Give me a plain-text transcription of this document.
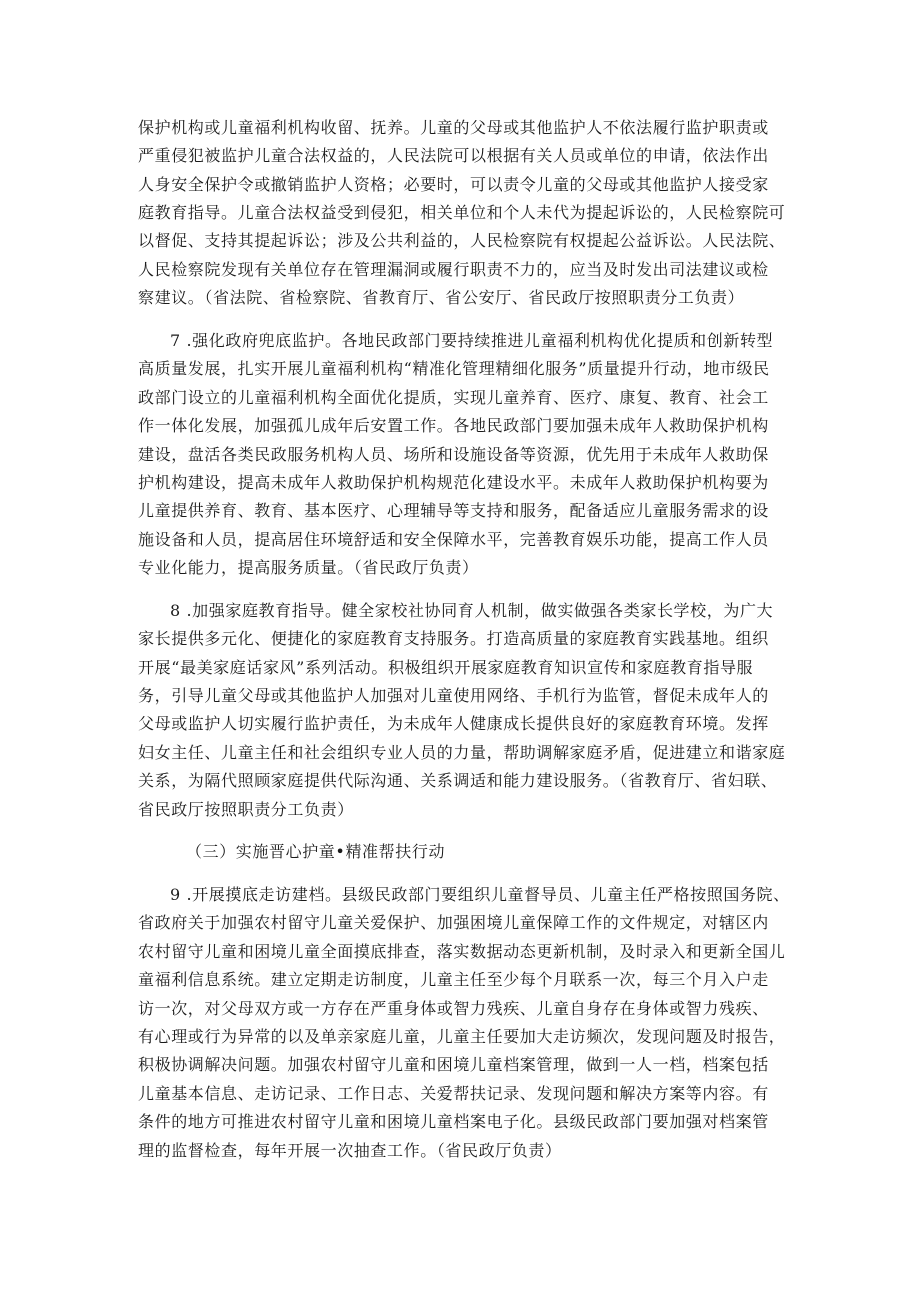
保护机构或儿童福利机构收留、抚养。儿童的父母或其他监护人不依法履行监护职责或
严重侵犯被监护儿童合法权益的，人民法院可以根据有关人员或单位的申请，依法作出
人身安全保护令或撤销监护人资格；必要时，可以责令儿童的父母或其他监护人接受家
庭教育指导。儿童合法权益受到侵犯，相关单位和个人未代为提起诉讼的，人民检察院可
以督促、支持其提起诉讼；涉及公共利益的，人民检察院有权提起公益诉讼。人民法院、
人民检察院发现有关单位存在管理漏洞或履行职责不力的，应当及时发出司法建议或检
察建议。（省法院、省检察院、省教育厅、省公安厅、省民政厅按照职责分工负责）
7 .强化政府兜底监护。各地民政部门要持续推进儿童福利机构优化提质和创新转型
高质量发展，扎实开展儿童福利机构“精准化管理精细化服务”质量提升行动，地市级民
政部门设立的儿童福利机构全面优化提质，实现儿童养育、医疗、康复、教育、社会工
作一体化发展，加强孤儿成年后安置工作。各地民政部门要加强未成年人救助保护机构
建设，盘活各类民政服务机构人员、场所和设施设备等资源，优先用于未成年人救助保
护机构建设，提高未成年人救助保护机构规范化建设水平。未成年人救助保护机构要为
儿童提供养育、教育、基本医疗、心理辅导等支持和服务，配备适应儿童服务需求的设
施设备和人员，提高居住环境舒适和安全保障水平，完善教育娱乐功能，提高工作人员
专业化能力，提高服务质量。（省民政厅负责）
8 .加强家庭教育指导。健全家校社协同育人机制，做实做强各类家长学校，为广大
家长提供多元化、便捷化的家庭教育支持服务。打造高质量的家庭教育实践基地。组织
开展“最美家庭话家风”系列活动。积极组织开展家庭教育知识宣传和家庭教育指导服
务，引导儿童父母或其他监护人加强对儿童使用网络、手机行为监管，督促未成年人的
父母或监护人切实履行监护责任，为未成年人健康成长提供良好的家庭教育环境。发挥
妇女主任、儿童主任和社会组织专业人员的力量，帮助调解家庭矛盾，促进建立和谐家庭
关系，为隔代照顾家庭提供代际沟通、关系调适和能力建设服务。（省教育厅、省妇联、
省民政厅按照职责分工负责）
（三）实施晋心护童•精准帮扶行动
9 .开展摸底走访建档。县级民政部门要组织儿童督导员、儿童主任严格按照国务院、
省政府关于加强农村留守儿童关爱保护、加强困境儿童保障工作的文件规定，对辖区内
农村留守儿童和困境儿童全面摸底排查，落实数据动态更新机制，及时录入和更新全国儿
童福利信息系统。建立定期走访制度，儿童主任至少每个月联系一次，每三个月入户走
访一次，对父母双方或一方存在严重身体或智力残疾、儿童自身存在身体或智力残疾、
有心理或行为异常的以及单亲家庭儿童，儿童主任要加大走访频次，发现问题及时报告，
积极协调解决问题。加强农村留守儿童和困境儿童档案管理，做到一人一档，档案包括
儿童基本信息、走访记录、工作日志、关爱帮扶记录、发现问题和解决方案等内容。有
条件的地方可推进农村留守儿童和困境儿童档案电子化。县级民政部门要加强对档案管
理的监督检查，每年开展一次抽查工作。（省民政厅负责）
